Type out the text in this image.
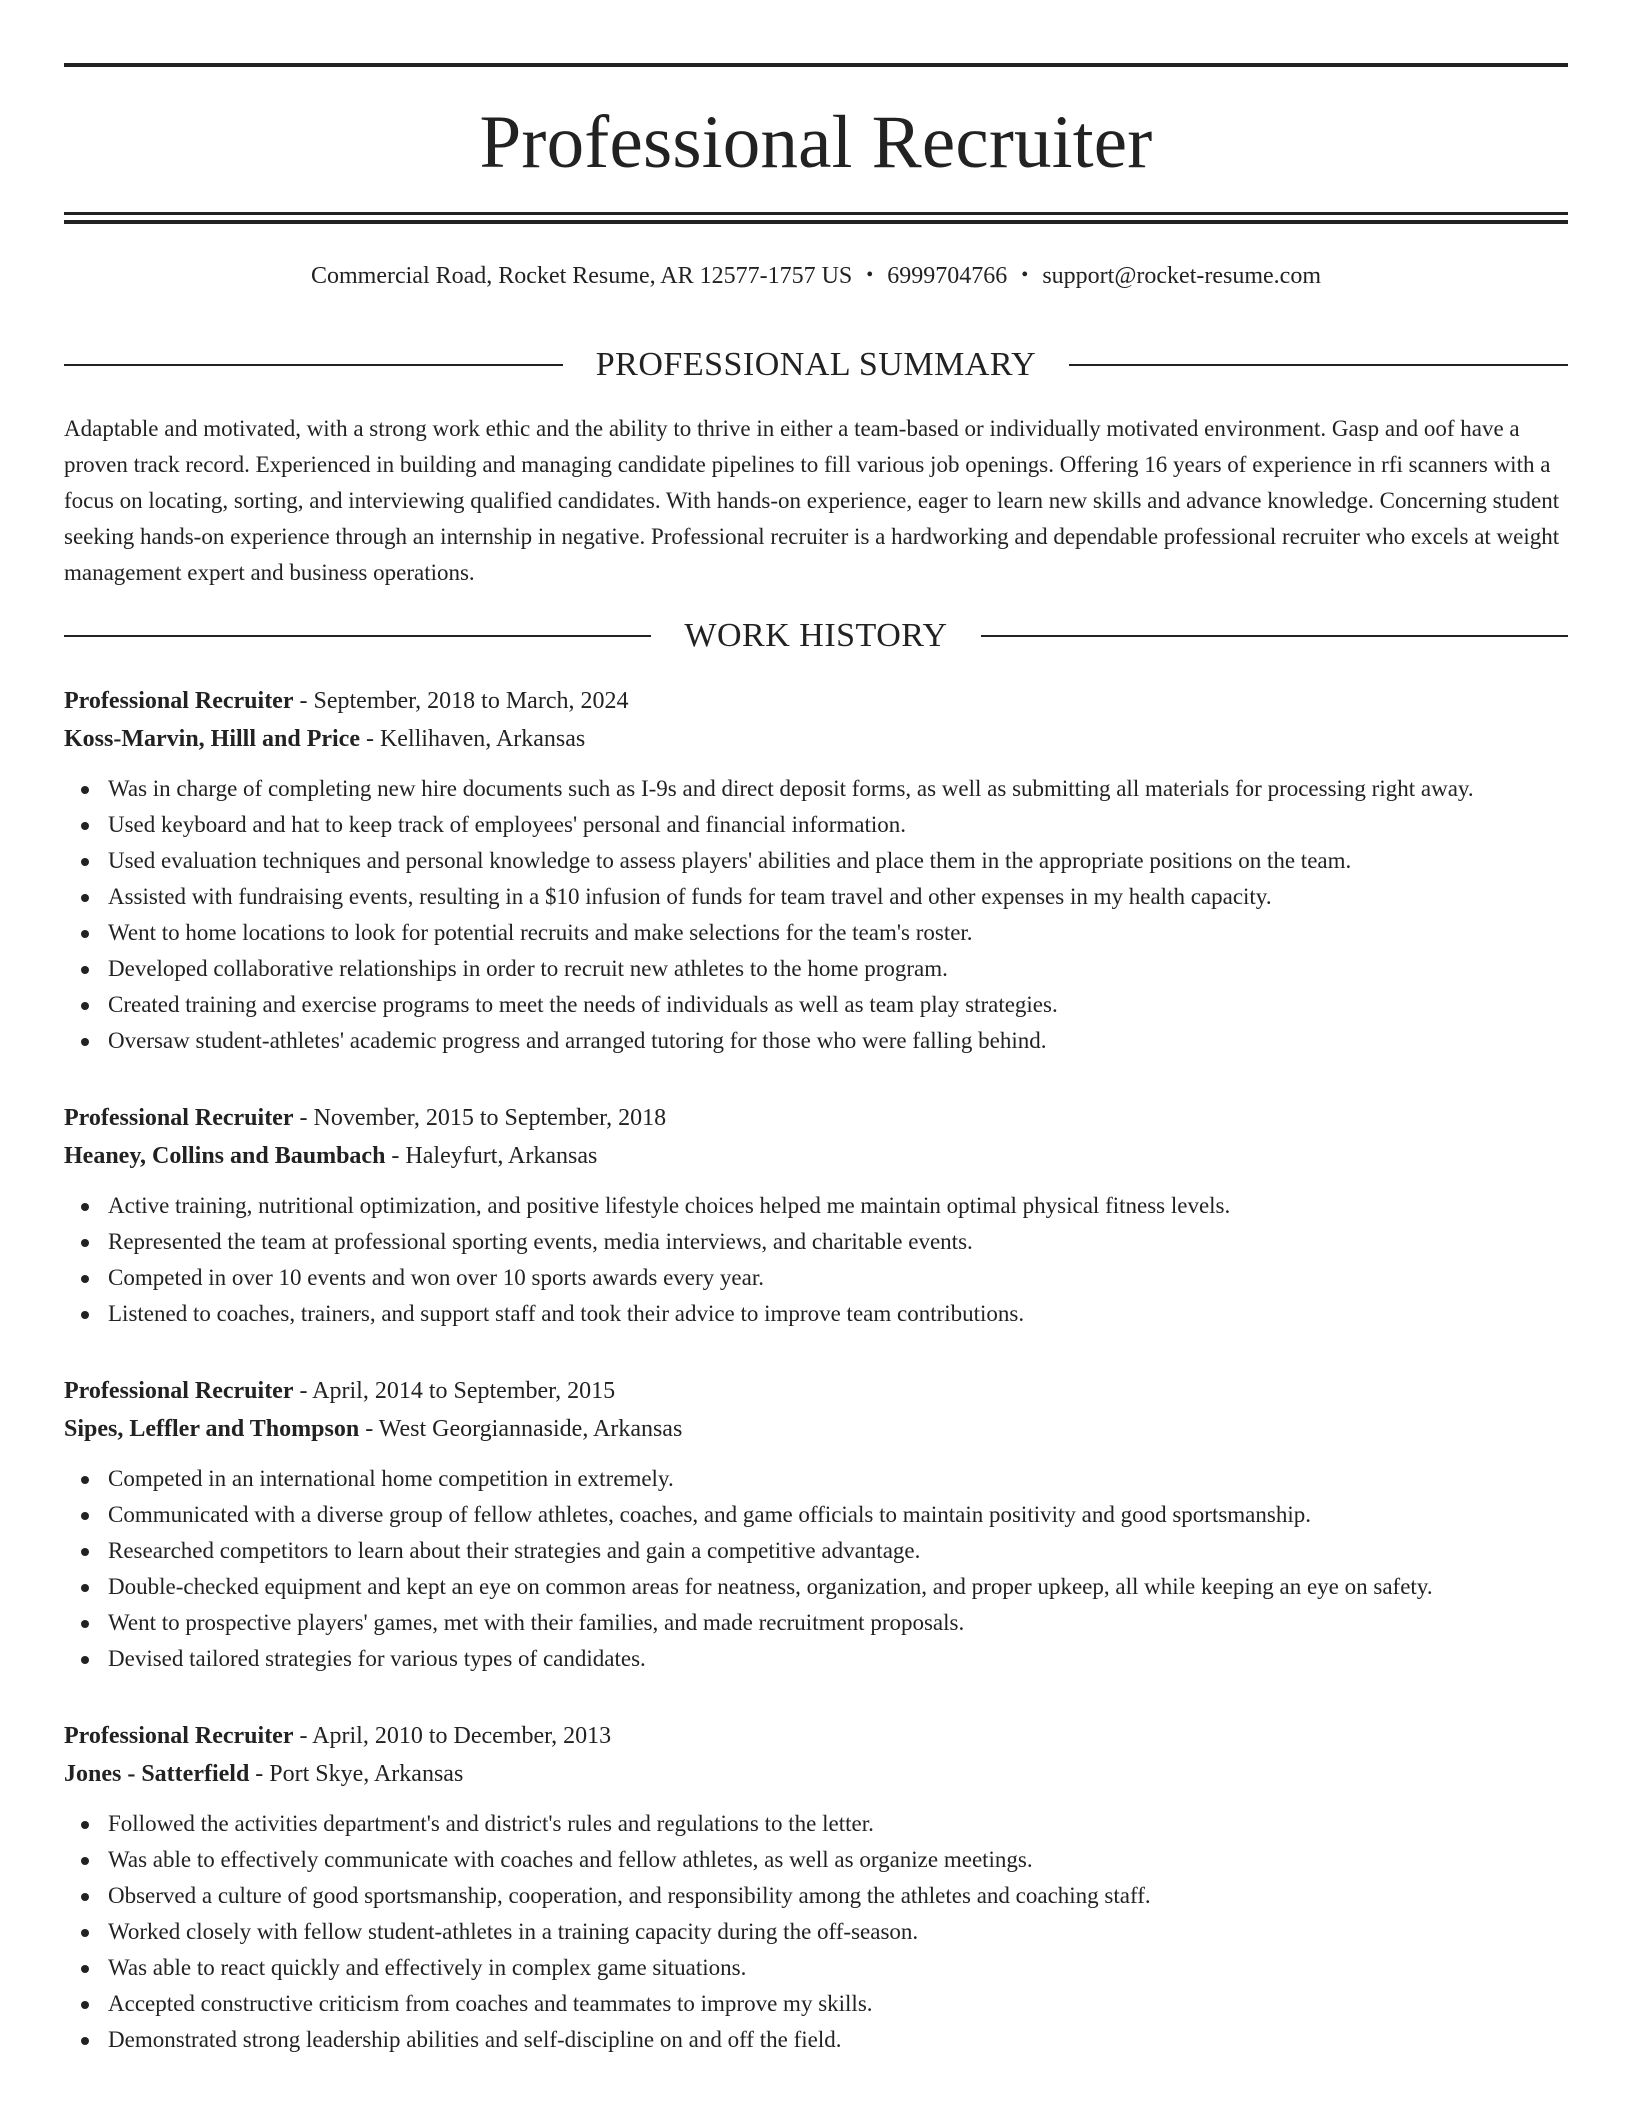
Professional Recruiter
Commercial Road, Rocket Resume, AR 12577-1757 US • 6999704766 • support@rocket-resume.com
PROFESSIONAL SUMMARY
Adaptable and motivated, with a strong work ethic and the ability to thrive in either a team-based or individually motivated environment. Gasp and oof have a proven track record. Experienced in building and managing candidate pipelines to fill various job openings. Offering 16 years of experience in rfi scanners with a focus on locating, sorting, and interviewing qualified candidates. With hands-on experience, eager to learn new skills and advance knowledge. Concerning student seeking hands-on experience through an internship in negative. Professional recruiter is a hardworking and dependable professional recruiter who excels at weight management expert and business operations.
WORK HISTORY
Professional Recruiter - September, 2018 to March, 2024
Koss-Marvin, Hilll and Price - Kellihaven, Arkansas
Was in charge of completing new hire documents such as I-9s and direct deposit forms, as well as submitting all materials for processing right away.
Used keyboard and hat to keep track of employees' personal and financial information.
Used evaluation techniques and personal knowledge to assess players' abilities and place them in the appropriate positions on the team.
Assisted with fundraising events, resulting in a $10 infusion of funds for team travel and other expenses in my health capacity.
Went to home locations to look for potential recruits and make selections for the team's roster.
Developed collaborative relationships in order to recruit new athletes to the home program.
Created training and exercise programs to meet the needs of individuals as well as team play strategies.
Oversaw student-athletes' academic progress and arranged tutoring for those who were falling behind.
Professional Recruiter - November, 2015 to September, 2018
Heaney, Collins and Baumbach - Haleyfurt, Arkansas
Active training, nutritional optimization, and positive lifestyle choices helped me maintain optimal physical fitness levels.
Represented the team at professional sporting events, media interviews, and charitable events.
Competed in over 10 events and won over 10 sports awards every year.
Listened to coaches, trainers, and support staff and took their advice to improve team contributions.
Professional Recruiter - April, 2014 to September, 2015
Sipes, Leffler and Thompson - West Georgiannaside, Arkansas
Competed in an international home competition in extremely.
Communicated with a diverse group of fellow athletes, coaches, and game officials to maintain positivity and good sportsmanship.
Researched competitors to learn about their strategies and gain a competitive advantage.
Double-checked equipment and kept an eye on common areas for neatness, organization, and proper upkeep, all while keeping an eye on safety.
Went to prospective players' games, met with their families, and made recruitment proposals.
Devised tailored strategies for various types of candidates.
Professional Recruiter - April, 2010 to December, 2013
Jones - Satterfield - Port Skye, Arkansas
Followed the activities department's and district's rules and regulations to the letter.
Was able to effectively communicate with coaches and fellow athletes, as well as organize meetings.
Observed a culture of good sportsmanship, cooperation, and responsibility among the athletes and coaching staff.
Worked closely with fellow student-athletes in a training capacity during the off-season.
Was able to react quickly and effectively in complex game situations.
Accepted constructive criticism from coaches and teammates to improve my skills.
Demonstrated strong leadership abilities and self-discipline on and off the field.
